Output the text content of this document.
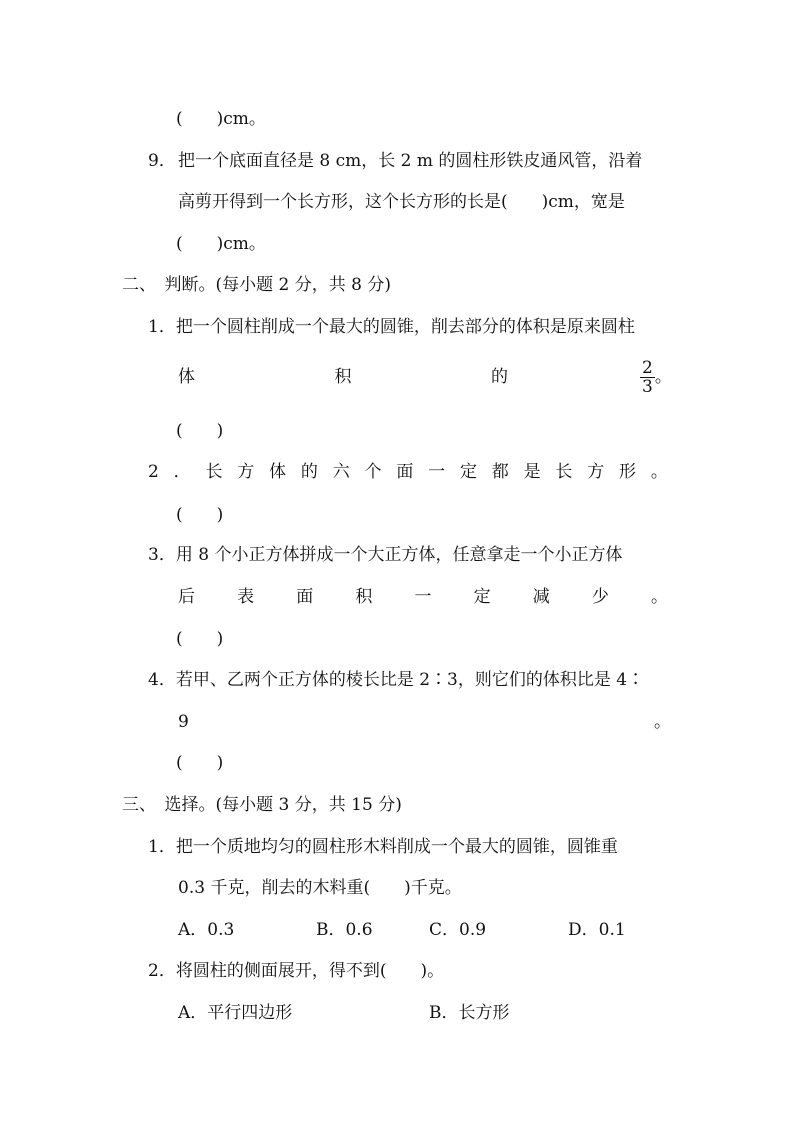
(　　)cm。
9． 把一个底面直径是 8 cm，长 2 m 的圆柱形铁皮通风管，沿着
高剪开得到一个长方形，这个长方形的长是(　　)cm，宽是
(　　)cm。
二、　判断。(每小题 2 分，共 8 分)
1．把一个圆柱削成一个最大的圆锥，削去部分的体积是原来圆柱
体	积	的	$\frac{2}{3}$ 。
(　　)
2 ． 长 方 体 的 六 个 面 一 定 都 是 长 方 形 。
(　　)
3．用 8 个小正方体拼成一个大正方体，任意拿走一个小正方体
后 表 面 积 一 定 减 少 。
(　　)
4．若甲、乙两个正方体的棱长比是 2∶3，则它们的体积比是 4∶
9	。
(　　)
三、　选择。(每小题 3 分，共 15 分)
1．把一个质地均匀的圆柱形木料削成一个最大的圆锥，圆锥重
0.3 千克，削去的木料重(　　)千克。
A．0.3	B．0.6	C．0.9	D．0.1
2．将圆柱的侧面展开，得不到(　　)。
A．平行四边形	B．长方形
